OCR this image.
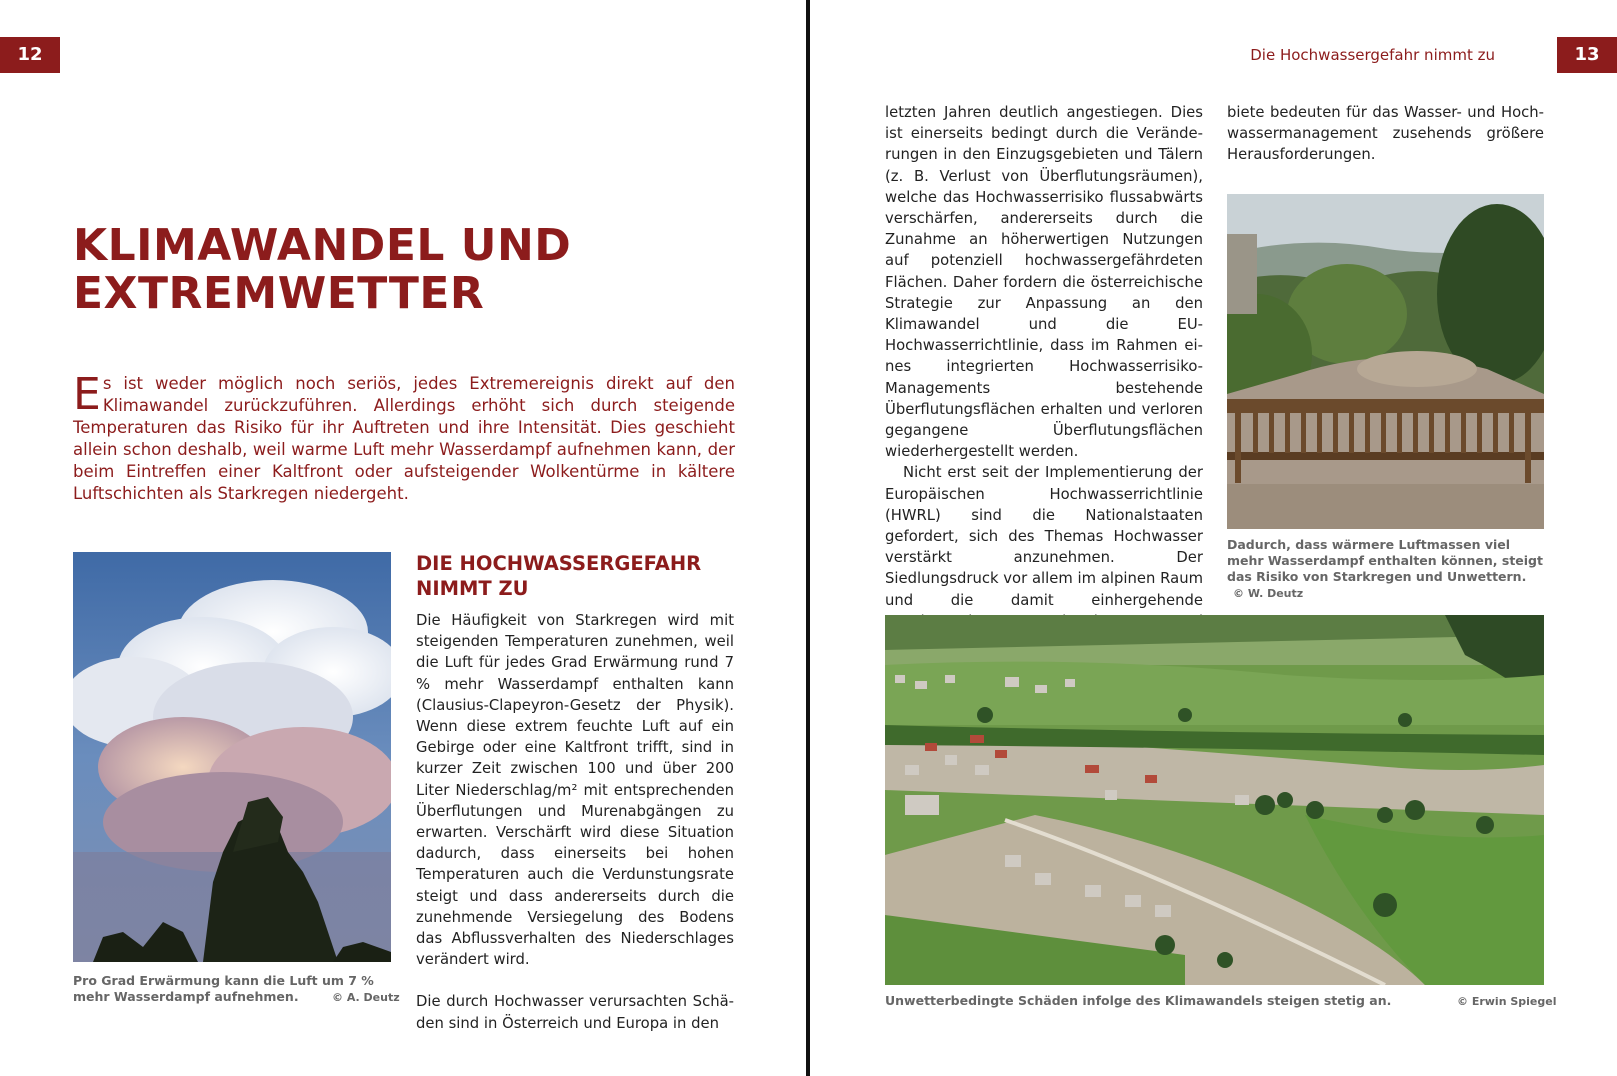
12
KLIMAWANDEL UND
EXTREMWETTER

Es ist weder möglich noch seriös, jedes Extremereignis direkt auf den Klimawandel zurückzuführen. Allerdings erhöht sich durch steigende Temperaturen das Risiko für ihr Auftreten und ihre Intensität. Dies geschieht allein schon deshalb, weil warme Luft mehr Wasserdampf aufnehmen kann, der beim Eintreffen einer Kaltfront oder aufsteigender Wolkentürme in kältere Luftschichten als Starkregen niedergeht.

Pro Grad Erwärmung kann die Luft um 7 % mehr Wasserdampf aufnehmen.	© A. Deutz
DIE HOCHWASSERGEFAHR
NIMMT ZU

Die Häufigkeit von Starkregen wird mit steigenden Temperaturen zunehmen, weil die Luft für jedes Grad Erwärmung rund 7 % mehr Wasserdampf enthalten kann (Clausius-Clapeyron-Gesetz der Physik). Wenn diese extrem feuchte Luft auf ein Gebirge oder eine Kaltfront trifft, sind in kurzer Zeit zwischen 100 und über 200 Liter Niederschlag/m² mit entsprechenden Überflutungen und Murenabgängen zu erwarten. Verschärft wird diese Situation dadurch, dass einerseits bei hohen Temperaturen auch die Verdunstungsrate steigt und dass andererseits durch die zunehmende Versiegelung des Bodens das Abflussverhalten des Niederschlages verändert wird.

Die durch Hochwasser verursachten Schäden sind in Österreich und Europa in den

Die Hochwassergefahr nimmt zu	13

letzten Jahren deutlich angestiegen. Dies ist einerseits bedingt durch die Veränderungen in den Einzugsgebieten und Tälern (z. B. Verlust von Überflutungsräumen), welche das Hochwasserrisiko flussabwärts verschärfen, andererseits durch die Zunahme an höherwertigen Nutzungen auf potenziell hochwassergefährdeten Flächen. Daher fordern die österreichische Strategie zur Anpassung an den Klimawandel und die EU-Hochwasserrichtlinie, dass im Rahmen eines integrierten Hochwasserrisiko-Managements bestehende Überflutungsflächen erhalten und verloren gegangene Überflutungsflächen wiederhergestellt werden.

Nicht erst seit der Implementierung der Europäischen Hochwasserrichtlinie (HWRL) sind die Nationalstaaten gefordert, sich des Themas Hochwasser verstärkt anzunehmen. Der Siedlungsdruck vor allem im alpinen Raum und die damit einhergehende

biete bedeuten für das Wasser- und Hochwassermanagement zusehends größere Herausforderungen.

Dadurch, dass wärmere Luftmassen viel mehr Wasserdampf enthalten können, steigt das Risiko von Starkregen und Unwettern. © W. Deutz
Unwetterbedingte Schäden infolge des Klimawandels steigen stetig an.	© Erwin Spiegel
